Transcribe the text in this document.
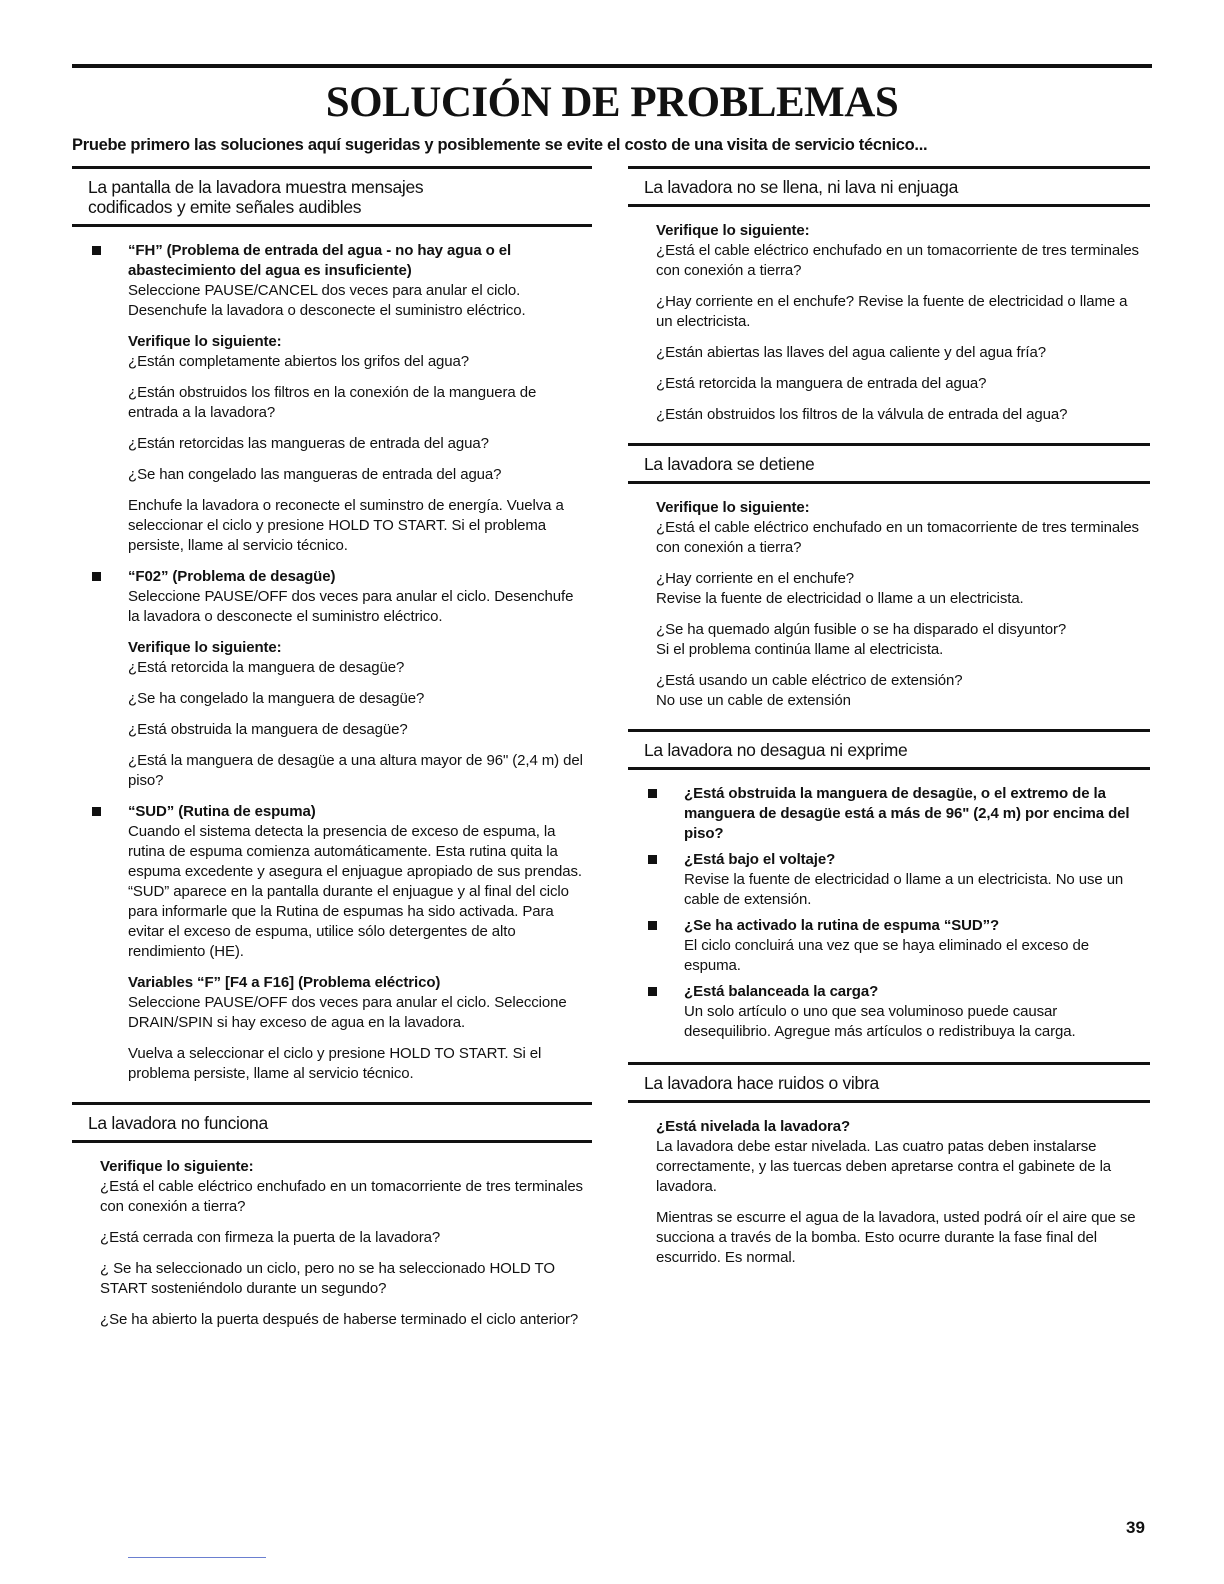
SOLUCIÓN DE PROBLEMAS
Pruebe primero las soluciones aquí sugeridas y posiblemente se evite el costo de una visita de servicio técnico...
La pantalla de la lavadora muestra mensajes
codificados y emite señales audibles

“FH” (Problema de entrada del agua - no hay agua o el abastecimiento del agua es insuficiente)

Seleccione PAUSE/CANCEL dos veces para anular el ciclo. Desenchufe la lavadora o desconecte el suministro eléctrico.

Verifique lo siguiente:

¿Están completamente abiertos los grifos del agua?

¿Están obstruidos los filtros en la conexión de la manguera de entrada a la lavadora?

¿Están retorcidas las mangueras de entrada del agua?

¿Se han congelado las mangueras de entrada del agua?

Enchufe la lavadora o reconecte el suminstro de energía. Vuelva a seleccionar el ciclo y presione HOLD TO START. Si el problema persiste, llame al servicio técnico.

“F02” (Problema de desagüe)

Seleccione PAUSE/OFF dos veces para anular el ciclo. Desenchufe la lavadora o desconecte el suministro eléctrico.

Verifique lo siguiente:

¿Está retorcida la manguera de desagüe?

¿Se ha congelado la manguera de desagüe?

¿Está obstruida la manguera de desagüe?

¿Está la manguera de desagüe a una altura mayor de 96" (2,4 m) del piso?

“SUD” (Rutina de espuma)

Cuando el sistema detecta la presencia de exceso de espuma, la rutina de espuma comienza automáticamente. Esta rutina quita la espuma excedente y asegura el enjuague apropiado de sus prendas. “SUD” aparece en la pantalla durante el enjuague y al final del ciclo para informarle que la Rutina de espumas ha sido activada. Para evitar el exceso de espuma, utilice sólo detergentes de alto rendimiento (HE).

Variables “F” [F4 a F16] (Problema eléctrico)

Seleccione PAUSE/OFF dos veces para anular el ciclo. Seleccione DRAIN/SPIN si hay exceso de agua en la lavadora.

Vuelva a seleccionar el ciclo y presione HOLD TO START. Si el problema persiste, llame al servicio técnico.

La lavadora no funciona

Verifique lo siguiente:

¿Está el cable eléctrico enchufado en un tomacorriente de tres terminales con conexión a tierra?

¿Está cerrada con firmeza la puerta de la lavadora?

¿ Se ha seleccionado un ciclo, pero no se ha seleccionado HOLD TO START sosteniéndolo durante un segundo?

¿Se ha abierto la puerta después de haberse terminado el ciclo anterior?

La lavadora no se llena, ni lava ni enjuaga

Verifique lo siguiente:

¿Está el cable eléctrico enchufado en un tomacorriente de tres terminales con conexión a tierra?

¿Hay corriente en el enchufe? Revise la fuente de electricidad o llame a un electricista.

¿Están abiertas las llaves del agua caliente y del agua fría?

¿Está retorcida la manguera de entrada del agua?

¿Están obstruidos los filtros de la válvula de entrada del agua?

La lavadora se detiene

Verifique lo siguiente:

¿Está el cable eléctrico enchufado en un tomacorriente de tres terminales con conexión a tierra?

¿Hay corriente en el enchufe?

Revise la fuente de electricidad o llame a un electricista.

¿Se ha quemado algún fusible o se ha disparado el disyuntor?

Si el problema continúa llame al electricista.

¿Está usando un cable eléctrico de extensión?

No use un cable de extensión

La lavadora no desagua ni exprime

¿Está obstruida la manguera de desagüe, o el extremo de la manguera de desagüe está a más de 96" (2,4 m) por encima del piso?

¿Está bajo el voltaje?

Revise la fuente de electricidad o llame a un electricista. No use un cable de extensión.

¿Se ha activado la rutina de espuma “SUD”?

El ciclo concluirá una vez que se haya eliminado el exceso de espuma.

¿Está balanceada la carga?

Un solo artículo o uno que sea voluminoso puede causar desequilibrio. Agregue más artículos o redistribuya la carga.

La lavadora hace ruidos o vibra

¿Está nivelada la lavadora?

La lavadora debe estar nivelada. Las cuatro patas deben instalarse correctamente, y las tuercas deben apretarse contra el gabinete de la lavadora.

Mientras se escurre el agua de la lavadora, usted podrá oír el aire que se succiona a través de la bomba. Esto ocurre durante la fase final del escurrido. Es normal.

39
